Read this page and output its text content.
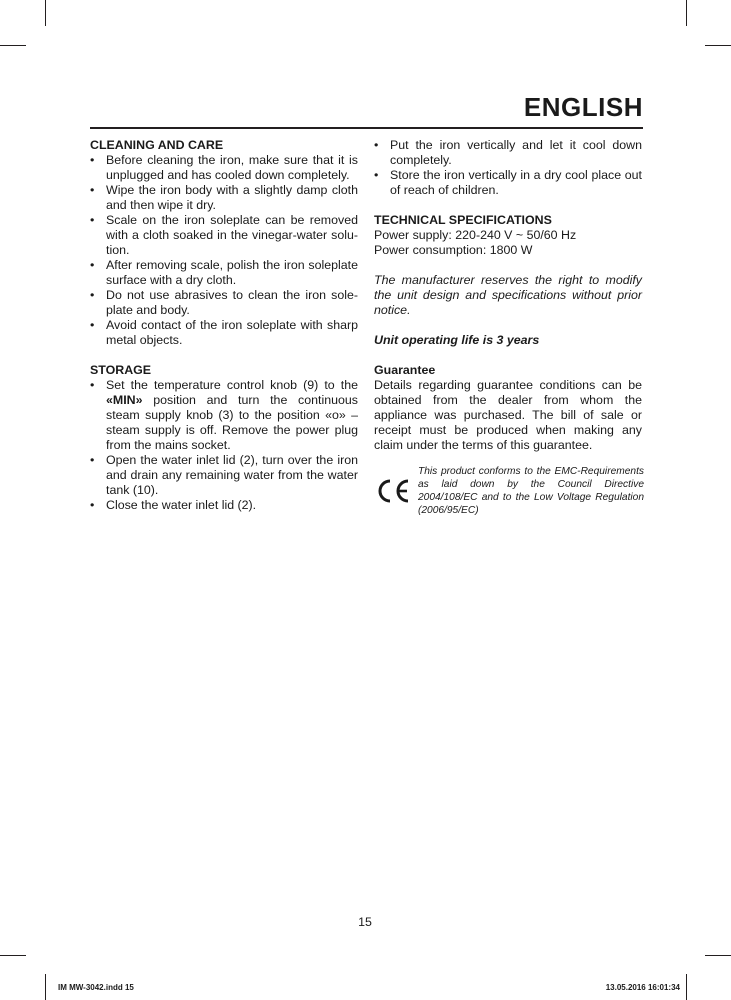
ENGLISH
CLEANING AND CARE
• Before cleaning the iron, make sure that it is unplugged and has cooled down completely.
• Wipe the iron body with a slightly damp cloth and then wipe it dry.
• Scale on the iron soleplate can be removed with a cloth soaked in the vinegar-water solu-tion.
• After removing scale, polish the iron soleplate surface with a dry cloth.
• Do not use abrasives to clean the iron sole-plate and body.
• Avoid contact of the iron soleplate with sharp metal objects.
STORAGE
• Set the temperature control knob (9) to the «MIN» position and turn the continuous steam supply knob (3) to the position «o» – steam supply is off. Remove the power plug from the mains socket.
• Open the water inlet lid (2), turn over the iron and drain any remaining water from the water tank (10).
• Close the water inlet lid (2).
• Put the iron vertically and let it cool down completely.
• Store the iron vertically in a dry cool place out of reach of children.
TECHNICAL SPECIFICATIONS

Power supply: 220-240 V ~ 50/60 Hz

Power consumption: 1800 W

The manufacturer reserves the right to modify the unit design and specifications without prior notice.

Unit operating life is 3 years

Guarantee

Details regarding guarantee conditions can be obtained from the dealer from whom the appliance was purchased. The bill of sale or receipt must be produced when making any claim under the terms of this guarantee.

This product conforms to the EMC-Requirements as laid down by the Council Directive 2004/108/EC and to the Low Voltage Regulation (2006/95/EC)
15
IM MW-3042.indd 15	13.05.2016 16:01:34
